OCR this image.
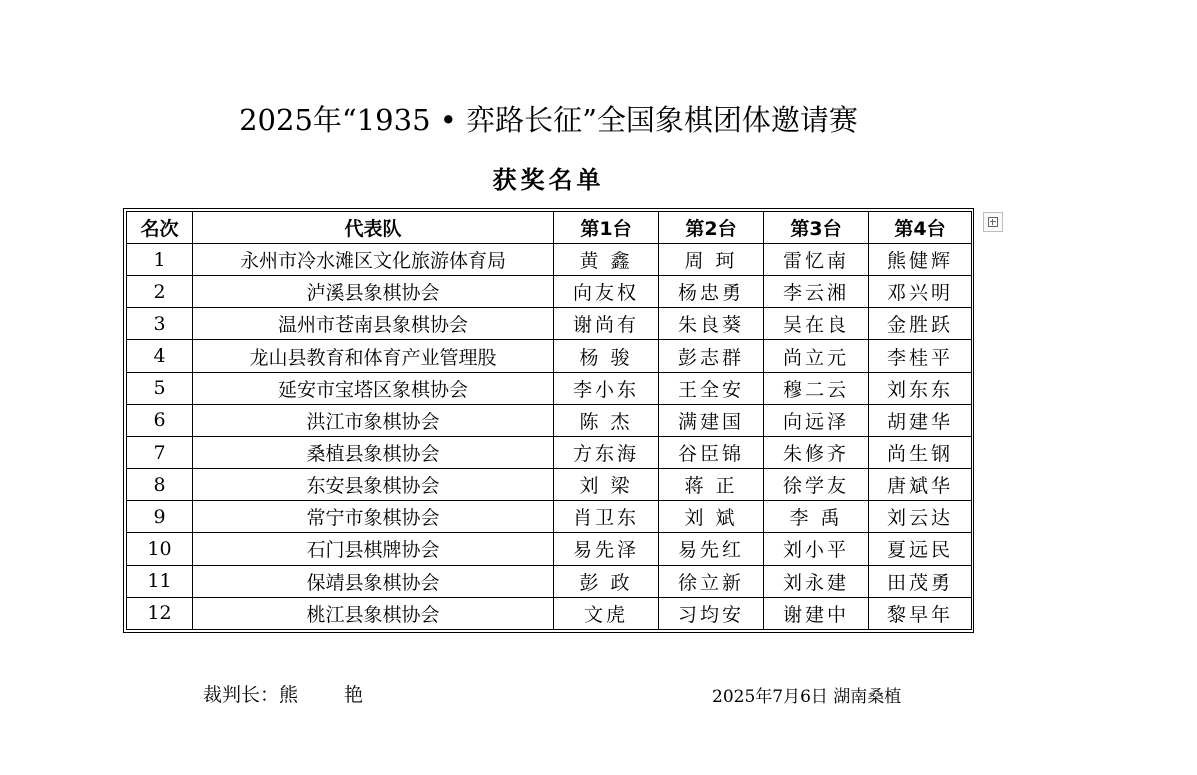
2025年“1935 • 弈路长征”全国象棋团体邀请赛
获奖名单
名次	代表队	第1台	第2台	第3台	第4台
1	永州市冷水滩区文化旅游体育局	黄 鑫	周 珂	雷忆南	熊健辉
2	泸溪县象棋协会	向友权	杨忠勇	李云湘	邓兴明
3	温州市苍南县象棋协会	谢尚有	朱良葵	吴在良	金胜跃
4	龙山县教育和体育产业管理股	杨 骏	彭志群	尚立元	李桂平
5	延安市宝塔区象棋协会	李小东	王全安	穆二云	刘东东
6	洪江市象棋协会	陈 杰	满建国	向远泽	胡建华
7	桑植县象棋协会	方东海	谷臣锦	朱修齐	尚生钢
8	东安县象棋协会	刘 梁	蒋 正	徐学友	唐斌华
9	常宁市象棋协会	肖卫东	刘 斌	李 禹	刘云达
10	石门县棋牌协会	易先泽	易先红	刘小平	夏远民
11	保靖县象棋协会	彭 政	徐立新	刘永建	田茂勇
12	桃江县象棋协会	文虎	习均安	谢建中	黎早年
裁判长：熊 艳	2025年7月6日 湖南桑植
